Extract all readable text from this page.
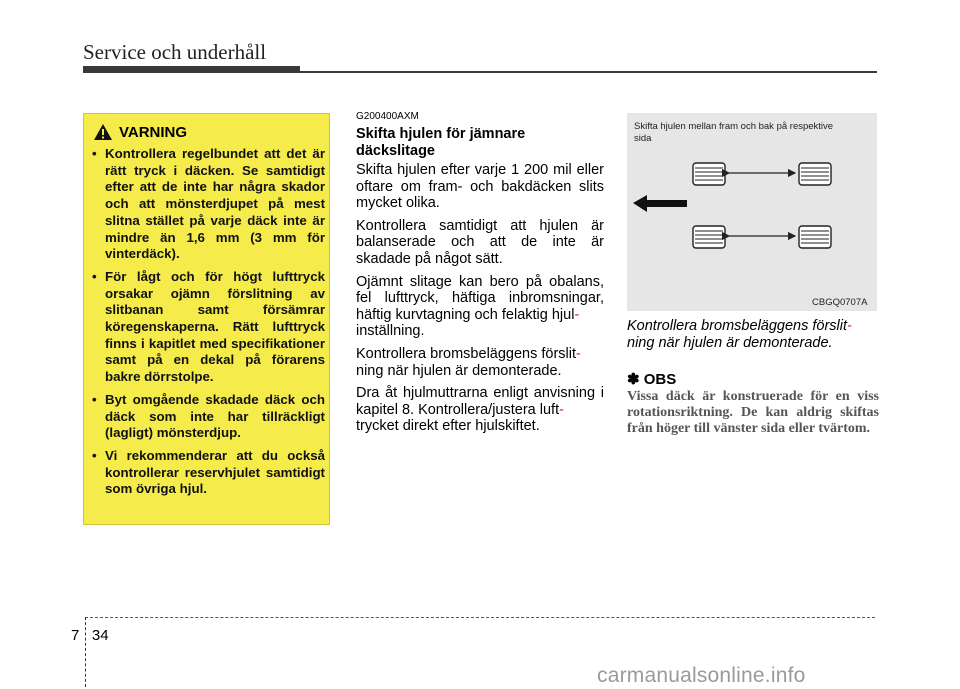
Service och underhåll
VARNING
• Kontrollera regelbundet att det är rätt tryck i däcken. Se samtidigt efter att de inte har några skador och att mönsterdjupet på mest slitna stället på varje däck inte är mindre än 1,6 mm (3 mm för vinterdäck).
• För lågt och för högt lufttryck orsakar ojämn förslitning av slitbanan samt försämrar köregenskaperna. Rätt lufttryck finns i kapitlet med specifikationer samt på en dekal på förarens bakre dörrstolpe.
• Byt omgående skadade däck och däck som inte har tillräckligt (lagligt) mönsterdjup.
• Vi rekommenderar att du också kontrollerar reservhjulet samtidigt som övriga hjul.
G200400AXM
Skifta hjulen för jämnare däckslitage

Skifta hjulen efter varje 1 200 mil eller oftare om fram- och bakdäcken slits mycket olika.

Kontrollera samtidigt att hjulen är balanserade och att de inte är skadade på något sätt.

Ojämnt slitage kan bero på obalans, fel lufttryck, häftiga inbromsningar, häftig kurvtagning och felaktig hjul-
inställning.

Kontrollera bromsbeläggens förslit-
ning när hjulen är demonterade.

Dra åt hjulmuttrarna enligt anvisning i kapitel 8. Kontrollera/justera luft-
trycket direkt efter hjulskiftet.

Skifta hjulen mellan fram och bak på respektive sida
CBGQ0707A
Kontrollera bromsbeläggens förslit-
ning när hjulen är demonterade.
✽ OBS
Vissa däck är konstruerade för en viss rotationsriktning. De kan aldrig skiftas från höger till vänster sida eller tvärtom.
7 34
carmanualsonline.info
